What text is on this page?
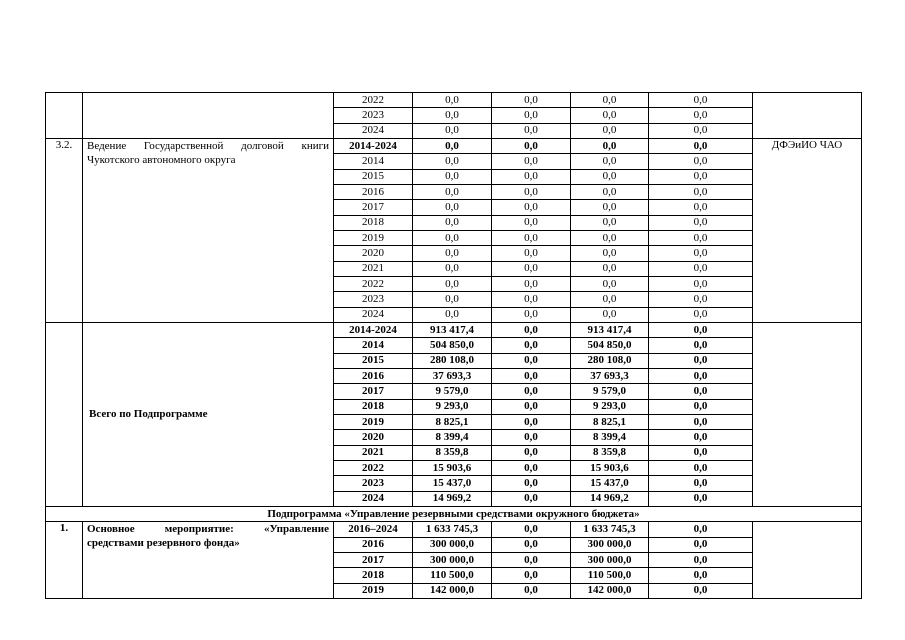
		2022	0,0	0,0	0,0	0,0	
		2023	0,0	0,0	0,0	0,0	
		2024	0,0	0,0	0,0	0,0	
3.2.	Ведение Государственной долговой книги Чукотского автономного округа	2014-2024	0,0	0,0	0,0	0,0	ДФЭиИО ЧАО
		2014	0,0	0,0	0,0	0,0	
		2015	0,0	0,0	0,0	0,0	
		2016	0,0	0,0	0,0	0,0	
		2017	0,0	0,0	0,0	0,0	
		2018	0,0	0,0	0,0	0,0	
		2019	0,0	0,0	0,0	0,0	
		2020	0,0	0,0	0,0	0,0	
		2021	0,0	0,0	0,0	0,0	
		2022	0,0	0,0	0,0	0,0	
		2023	0,0	0,0	0,0	0,0	
		2024	0,0	0,0	0,0	0,0	
	Всего по Подпрограмме	2014-2024	913 417,4	0,0	913 417,4	0,0	
		2014	504 850,0	0,0	504 850,0	0,0	
		2015	280 108,0	0,0	280 108,0	0,0	
		2016	37 693,3	0,0	37 693,3	0,0	
		2017	9 579,0	0,0	9 579,0	0,0	
		2018	9 293,0	0,0	9 293,0	0,0	
		2019	8 825,1	0,0	8 825,1	0,0	
		2020	8 399,4	0,0	8 399,4	0,0	
		2021	8 359,8	0,0	8 359,8	0,0	
		2022	15 903,6	0,0	15 903,6	0,0	
		2023	15 437,0	0,0	15 437,0	0,0	
		2024	14 969,2	0,0	14 969,2	0,0	
Подпрограмма «Управление резервными средствами окружного бюджета»							
1.	Основное мероприятие: «Управление средствами резервного фонда»	2016–2024	1 633 745,3	0,0	1 633 745,3	0,0	
		2016	300 000,0	0,0	300 000,0	0,0	
		2017	300 000,0	0,0	300 000,0	0,0	
		2018	110 500,0	0,0	110 500,0	0,0	
		2019	142 000,0	0,0	142 000,0	0,0	
